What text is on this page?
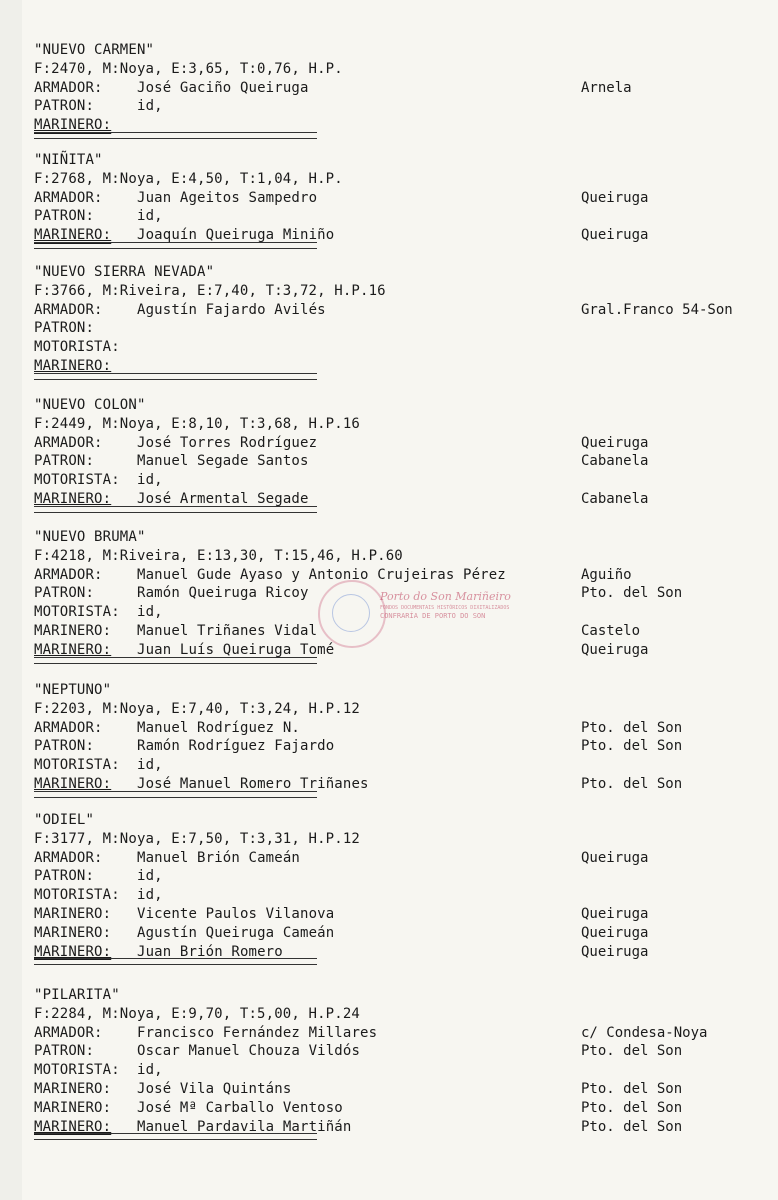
Porto do Son Mariñeiro
FONDOS DOCUMENTAIS HISTÓRICOS DIXITALIZADOS
CONFRARÍA DE PORTO DO SON
"NUEVO CARMEN"
F:2470, M:Noya, E:3,65, T:0,76, H.P.
ARMADOR: José Gaciño Queiruga	Arnela
PATRON:	id,
MARINERO:
"NIÑITA"
F:2768, M:Noya, E:4,50, T:1,04, H.P.
ARMADOR: Juan Ageitos Sampedro	Queiruga
PATRON:	id,
MARINERO: Joaquín Queiruga Miniño	Queiruga
"NUEVO SIERRA NEVADA"
F:3766, M:Riveira, E:7,40, T:3,72, H.P.16
ARMADOR: Agustín Fajardo Avilés	Gral.Franco 54-Son
PATRON:
MOTORISTA:
MARINERO:
"NUEVO COLON"
F:2449, M:Noya, E:8,10, T:3,68, H.P.16
ARMADOR: José Torres Rodríguez	Queiruga
PATRON:	Manuel Segade Santos	Cabanela
MOTORISTA: id,
MARINERO: José Armental Segade	Cabanela
"NUEVO BRUMA"
F:4218, M:Riveira, E:13,30, T:15,46, H.P.60
ARMADOR: Manuel Gude Ayaso y Antonio Crujeiras Pérez	Aguiño
PATRON:	Ramón Queiruga Ricoy	Pto. del Son
MOTORISTA: id,
MARINERO: Manuel Triñanes Vidal	Castelo
MARINERO: Juan Luís Queiruga Tomé	Queiruga
"NEPTUNO"
F:2203, M:Noya, E:7,40, T:3,24, H.P.12
ARMADOR: Manuel Rodríguez N.	Pto. del Son
PATRON:	Ramón Rodríguez Fajardo	Pto. del Son
MOTORISTA: id,
MARINERO: José Manuel Romero Triñanes	Pto. del Son
"ODIEL"
F:3177, M:Noya, E:7,50, T:3,31, H.P.12
ARMADOR: Manuel Brión Cameán	Queiruga
PATRON:	id,
MOTORISTA: id,
MARINERO: Vicente Paulos Vilanova	Queiruga
MARINERO: Agustín Queiruga Cameán	Queiruga
MARINERO: Juan Brión Romero	Queiruga
"PILARITA"
F:2284, M:Noya, E:9,70, T:5,00, H.P.24
ARMADOR: Francisco Fernández Millares	c/ Condesa-Noya
PATRON:	Oscar Manuel Chouza Vildós	Pto. del Son
MOTORISTA: id,
MARINERO: José Vila Quintáns	Pto. del Son
MARINERO: José Mª Carballo Ventoso	Pto. del Son
MARINERO: Manuel Pardavila Martiñán	Pto. del Son
